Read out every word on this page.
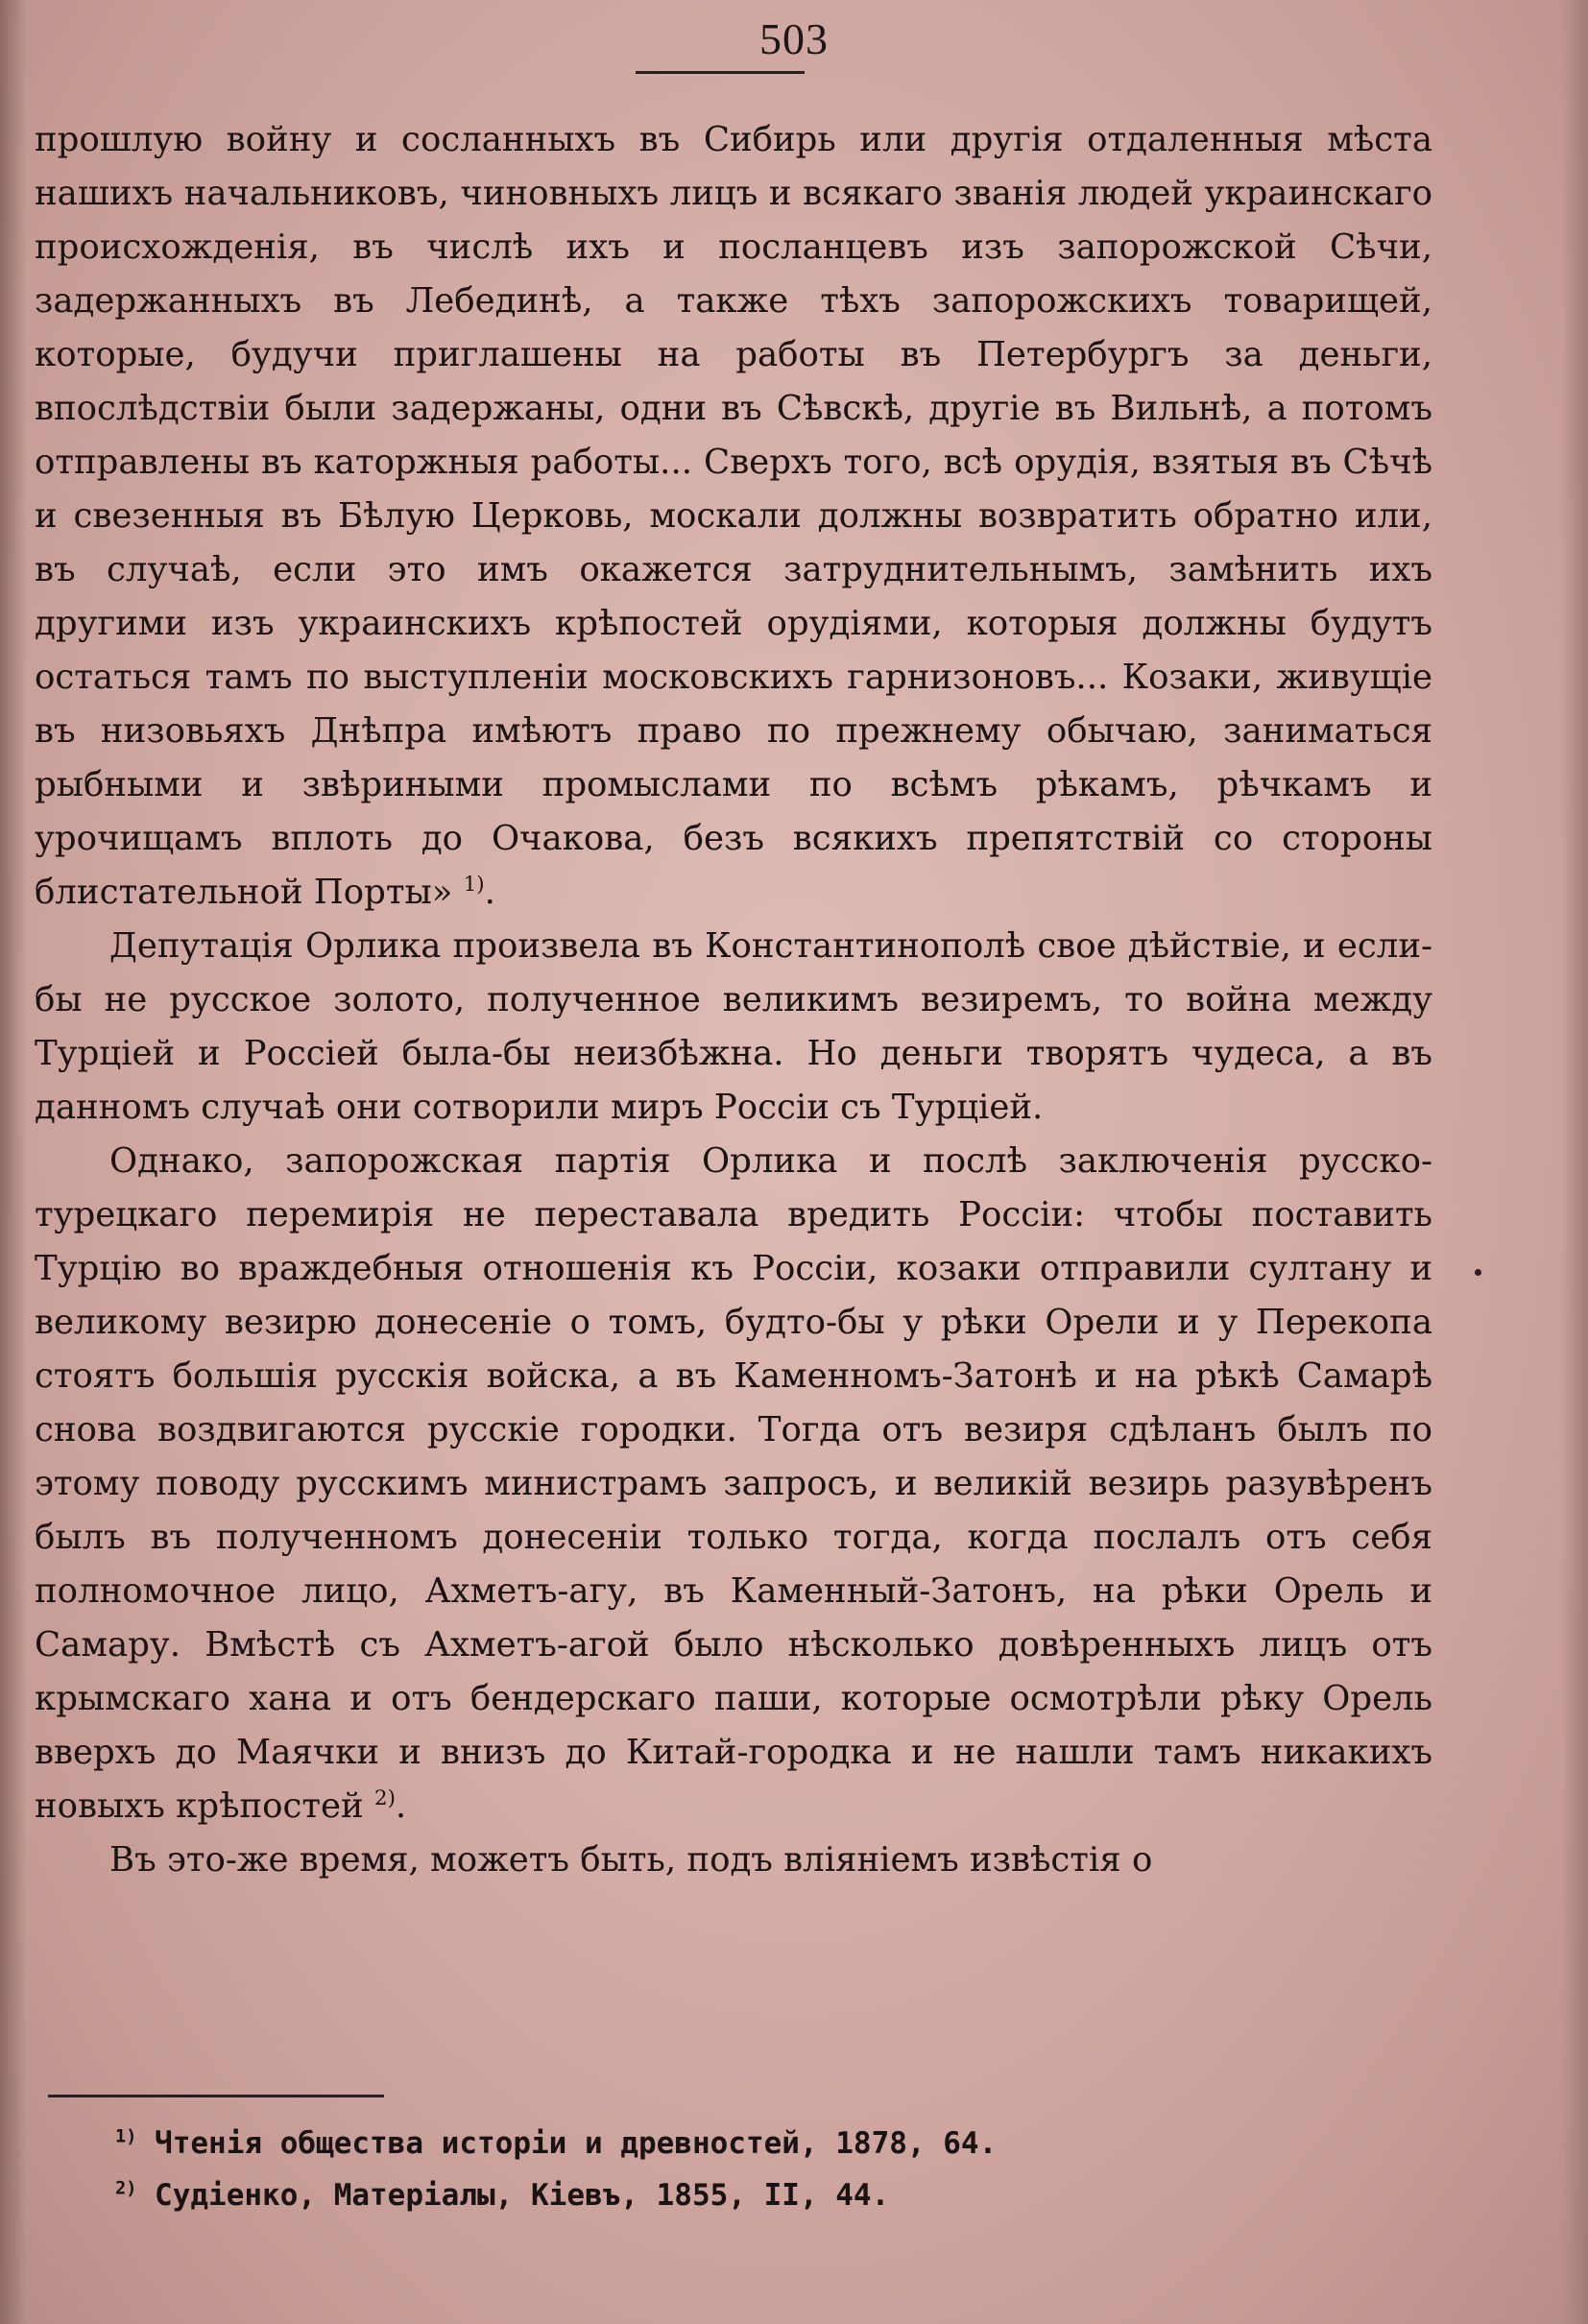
503

прошлую войну и сосланныхъ въ Сибирь или другія отдаленныя мѣста нашихъ начальниковъ, чиновныхъ лицъ и всякаго званія людей украинскаго происхожденія, въ числѣ ихъ и посланцевъ изъ запорожской Сѣчи, задержанныхъ въ Лебединѣ, а также тѣхъ запорожскихъ товарищей, которые, будучи приглашены на работы въ Петербургъ за деньги, впослѣдствіи были задержаны, одни въ Сѣвскѣ, другіе въ Вильнѣ, а потомъ отправлены въ каторжныя работы... Сверхъ того, всѣ орудія, взятыя въ Сѣчѣ и свезенныя въ Бѣлую Церковь, москали должны возвратить обратно или, въ случаѣ, если это имъ окажется затруднительнымъ, замѣнить ихъ другими изъ украинскихъ крѣпостей орудіями, которыя должны будутъ остаться тамъ по выступленіи московскихъ гарнизоновъ... Козаки, живущіе въ низовьяхъ Днѣпра имѣютъ право по прежнему обычаю, заниматься рыбными и звѣриными промыслами по всѣмъ рѣкамъ, рѣчкамъ и урочищамъ вплоть до Очакова, безъ всякихъ препятствій со стороны блистательной Порты» $^{1)}$.

Депутація Орлика произвела въ Константинополѣ свое дѣйствіе, и если-бы не русское золото, полученное великимъ везиремъ, то война между Турціей и Россіей была-бы неизбѣжна. Но деньги творятъ чудеса, а въ данномъ случаѣ они сотворили миръ Россіи съ Турціей.

Однако, запорожская партія Орлика и послѣ заключенія русско-турецкаго перемирія не переставала вредить Россіи: чтобы поставить Турцію во враждебныя отношенія къ Россіи, козаки отправили султану и великому везирю донесеніе о томъ, будто-бы у рѣки Орели и у Перекопа стоятъ большія русскія войска, а въ Каменномъ-Затонѣ и на рѣкѣ Самарѣ снова воздвигаются русскіе городки. Тогда отъ везиря сдѣланъ былъ по этому поводу русскимъ министрамъ запросъ, и великій везирь разувѣренъ былъ въ полученномъ донесеніи только тогда, когда послалъ отъ себя полномочное лицо, Ахметъ-агу, въ Каменный-Затонъ, на рѣки Орель и Самару. Вмѣстѣ съ Ахметъ-агой было нѣсколько довѣренныхъ лицъ отъ крымскаго хана и отъ бендерскаго паши, которые осмотрѣли рѣку Орель вверхъ до Маячки и внизъ до Китай-городка и не нашли тамъ никакихъ новыхъ крѣпостей $^{2)}$.

Въ это-же время, можетъ быть, подъ вліяніемъ извѣстія о

$^{1)}$ Чтенія общества исторіи и древностей, 1878, 64.

$^{2)}$ Судіенко, Матеріалы, Кіевъ, 1855, II, 44.
